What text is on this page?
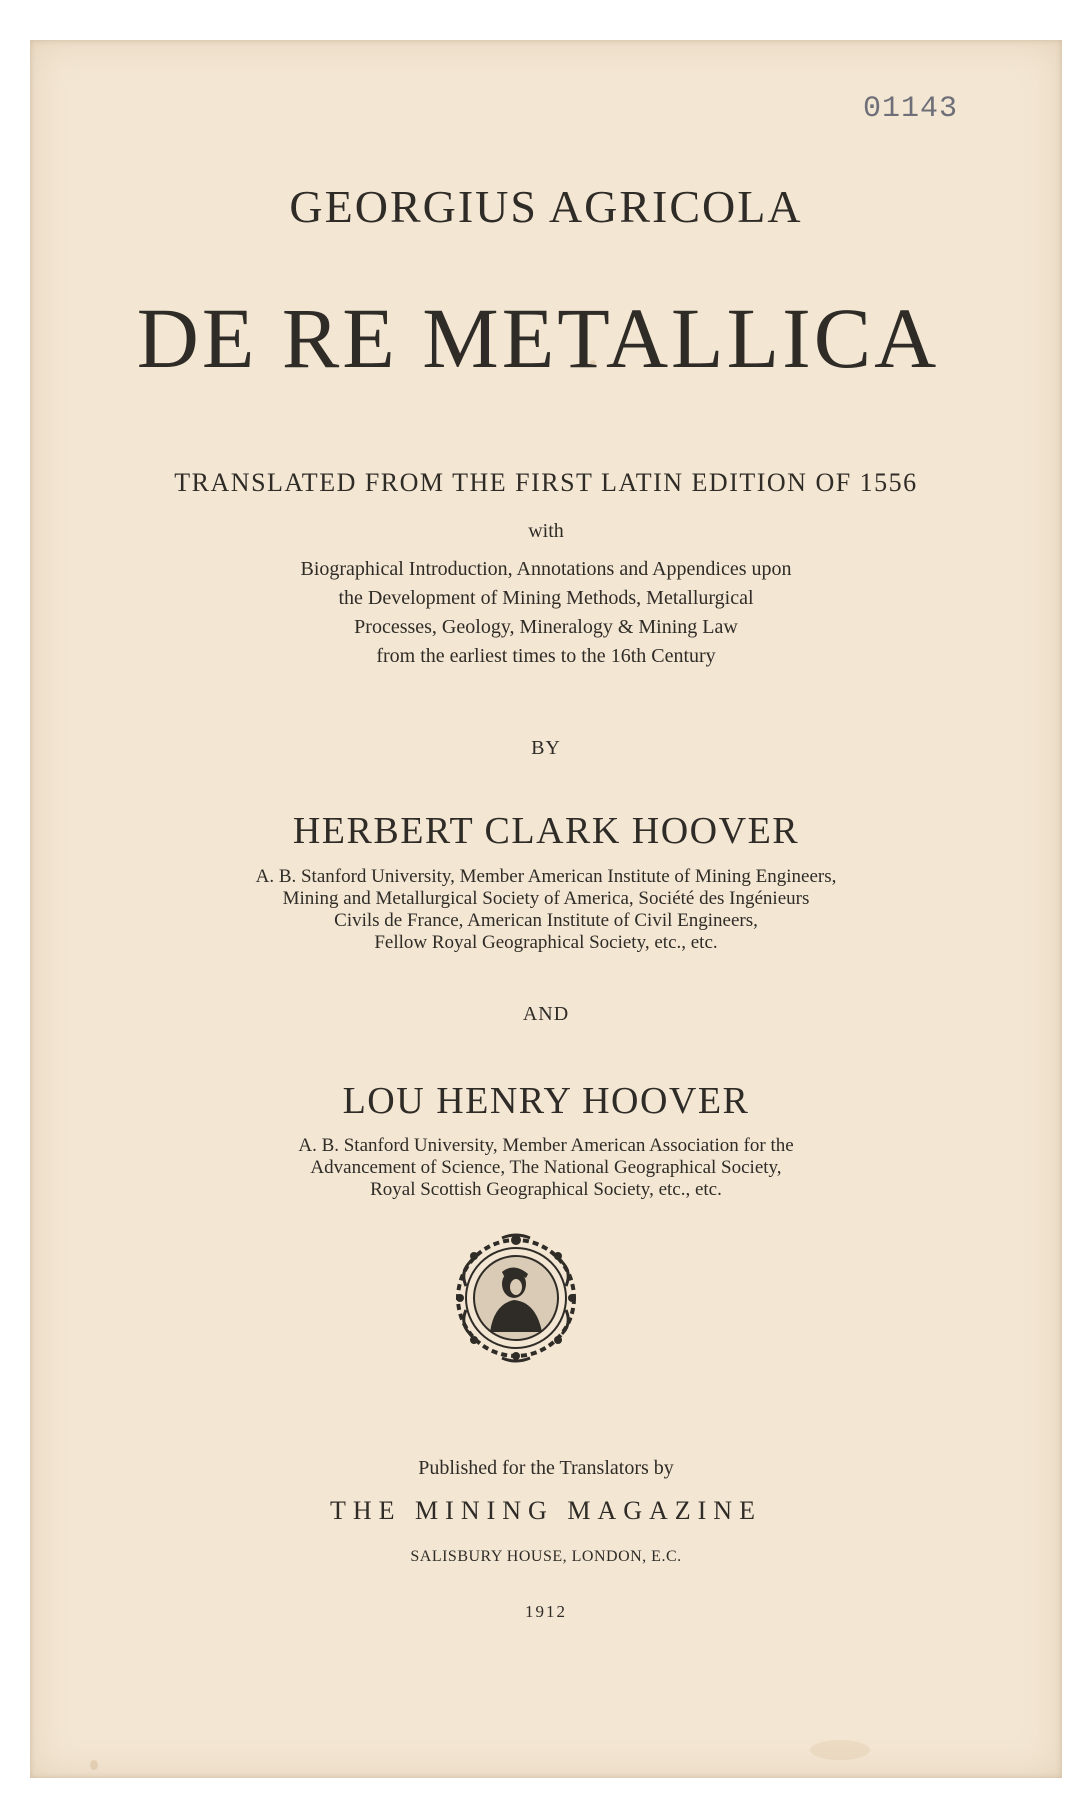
01143
GEORGIUS AGRICOLA
DE RE METALLICA
TRANSLATED FROM THE FIRST LATIN EDITION OF 1556
with
Biographical Introduction, Annotations and Appendices upon
the Development of Mining Methods, Metallurgical
Processes, Geology, Mineralogy & Mining Law
from the earliest times to the 16th Century
BY
HERBERT CLARK HOOVER
A. B. Stanford University, Member American Institute of Mining Engineers,
Mining and Metallurgical Society of America, Société des Ingénieurs
Civils de France, American Institute of Civil Engineers,
Fellow Royal Geographical Society, etc., etc.
AND
LOU HENRY HOOVER
A. B. Stanford University, Member American Association for the
Advancement of Science, The National Geographical Society,
Royal Scottish Geographical Society, etc., etc.
Published for the Translators by
THE MINING MAGAZINE
SALISBURY HOUSE, LONDON, E.C.
1912
